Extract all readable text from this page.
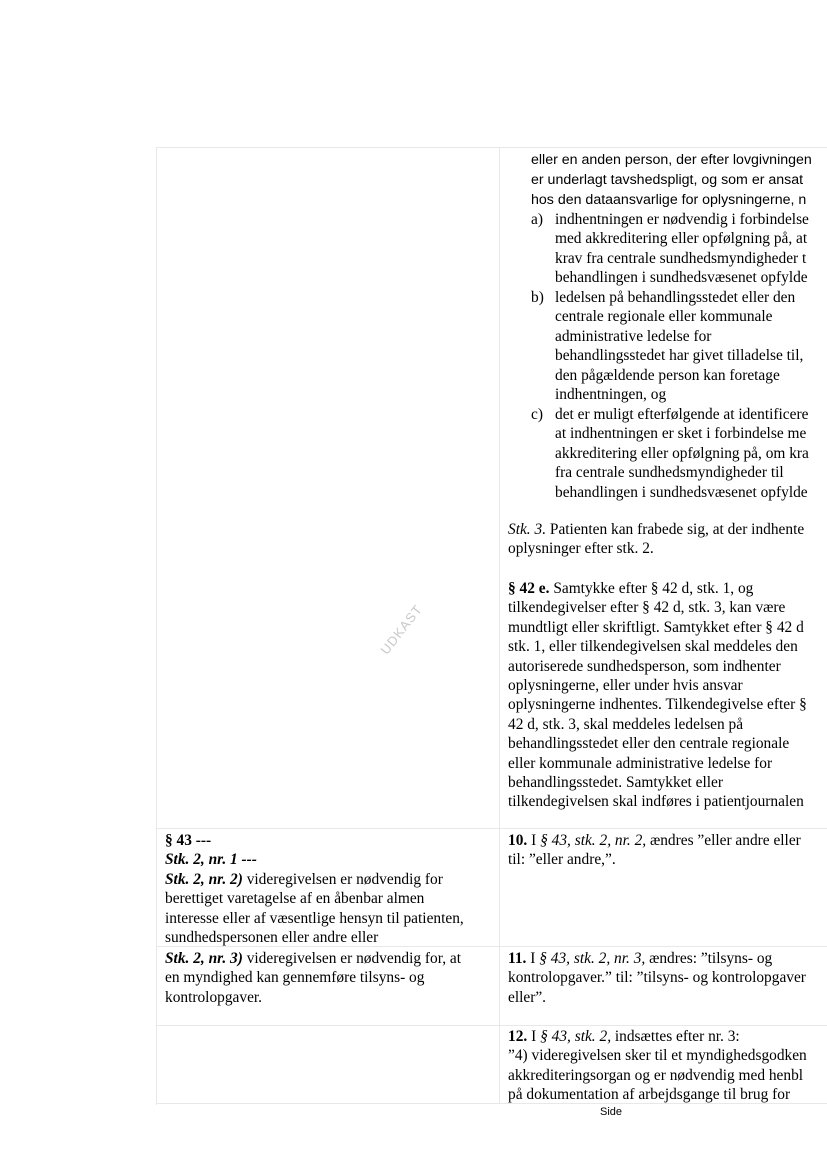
eller en anden person, der efter lovgivningen
er underlagt tavshedspligt, og som er ansat
hos den dataansvarlige for oplysningerne, n
a) indhentningen er nødvendig i forbindelse
med akkreditering eller opfølgning på, at
krav fra centrale sundhedsmyndigheder t
behandlingen i sundhedsvæsenet opfylde
b) ledelsen på behandlingsstedet eller den
centrale regionale eller kommunale
administrative ledelse for
behandlingsstedet har givet tilladelse til,
den pågældende person kan foretage
indhentningen, og
c) det er muligt efterfølgende at identificere
at indhentningen er sket i forbindelse me
akkreditering eller opfølgning på, om kra
fra centrale sundhedsmyndigheder til
behandlingen i sundhedsvæsenet opfylde
Stk. 3. Patienten kan frabede sig, at der indhente
oplysninger efter stk. 2.
§ 42 e. Samtykke efter § 42 d, stk. 1, og
tilkendegivelser efter § 42 d, stk. 3, kan være
mundtligt eller skriftligt. Samtykket efter § 42 d
stk. 1, eller tilkendegivelsen skal meddeles den
autoriserede sundhedsperson, som indhenter
oplysningerne, eller under hvis ansvar
oplysningerne indhentes. Tilkendegivelse efter §
42 d, stk. 3, skal meddeles ledelsen på
behandlingsstedet eller den centrale regionale
eller kommunale administrative ledelse for
behandlingsstedet. Samtykket eller
tilkendegivelsen skal indføres i patientjournalen
UDKAST
§ 43 ---
Stk. 2, nr. 1 ---
Stk. 2, nr. 2) videregivelsen er nødvendig for
berettiget varetagelse af en åbenbar almen
interesse eller af væsentlige hensyn til patienten,
sundhedspersonen eller andre eller
Stk. 2, nr. 3) videregivelsen er nødvendig for, at
en myndighed kan gennemføre tilsyns- og
kontrolopgaver.
10. I § 43, stk. 2, nr. 2, ændres ”eller andre eller
til: ”eller andre,”.
11. I § 43, stk. 2, nr. 3, ændres: ”tilsyns- og
kontrolopgaver.” til: ”tilsyns- og kontrolopgaver
eller”.
12. I § 43, stk. 2, indsættes efter nr. 3:
”4) videregivelsen sker til et myndighedsgodken
akkrediteringsorgan og er nødvendig med henbl
på dokumentation af arbejdsgange til brug for
Side
